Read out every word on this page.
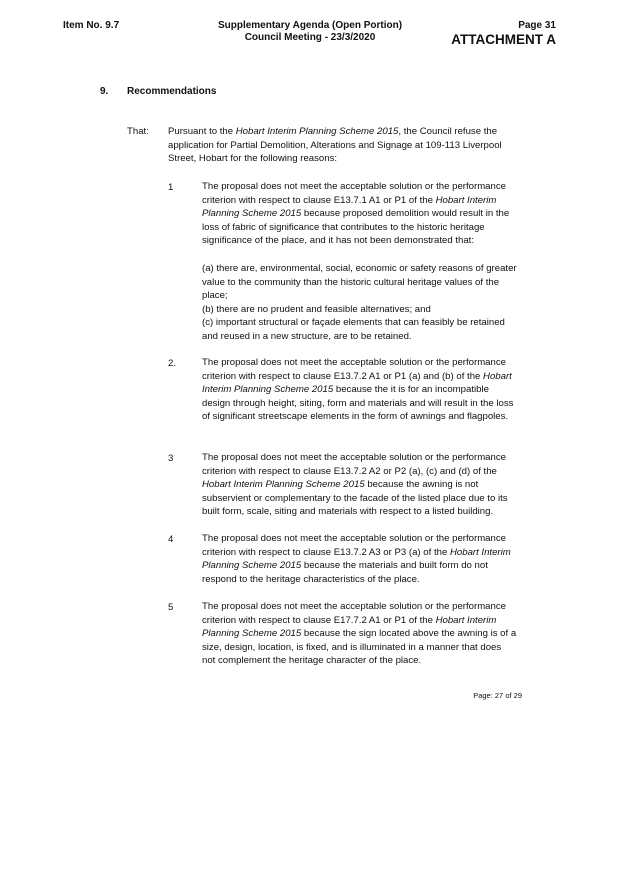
Item No. 9.7	Supplementary Agenda (Open Portion)
Council Meeting - 23/3/2020
Page 31
ATTACHMENT A
9. Recommendations
That: Pursuant to the Hobart Interim Planning Scheme 2015, the Council refuse the application for Partial Demolition, Alterations and Signage at 109-113 Liverpool Street, Hobart for the following reasons:
1	The proposal does not meet the acceptable solution or the performance criterion with respect to clause E13.7.1 A1 or P1 of the Hobart Interim Planning Scheme 2015 because proposed demolition would result in the loss of fabric of significance that contributes to the historic heritage significance of the place, and it has not been demonstrated that:
(a) there are, environmental, social, economic or safety reasons of greater value to the community than the historic cultural heritage values of the place;
(b) there are no prudent and feasible alternatives; and
(c) important structural or façade elements that can feasibly be retained and reused in a new structure, are to be retained.
2.	The proposal does not meet the acceptable solution or the performance criterion with respect to clause E13.7.2 A1 or P1 (a) and (b) of the Hobart Interim Planning Scheme 2015 because the it is for an incompatible design through height, siting, form and materials and will result in the loss of significant streetscape elements in the form of awnings and flagpoles.
3	The proposal does not meet the acceptable solution or the performance criterion with respect to clause E13.7.2 A2 or P2 (a), (c) and (d) of the Hobart Interim Planning Scheme 2015 because the awning is not subservient or complementary to the facade of the listed place due to its built form, scale, siting and materials with respect to a listed building.
4	The proposal does not meet the acceptable solution or the performance criterion with respect to clause E13.7.2 A3 or P3 (a) of the Hobart Interim Planning Scheme 2015 because the materials and built form do not respond to the heritage characteristics of the place.
5	The proposal does not meet the acceptable solution or the performance criterion with respect to clause E17.7.2 A1 or P1 of the Hobart Interim Planning Scheme 2015 because the sign located above the awning is of a size, design, location, is fixed, and is illuminated in a manner that does not complement the heritage character of the place.
Page: 27 of 29
